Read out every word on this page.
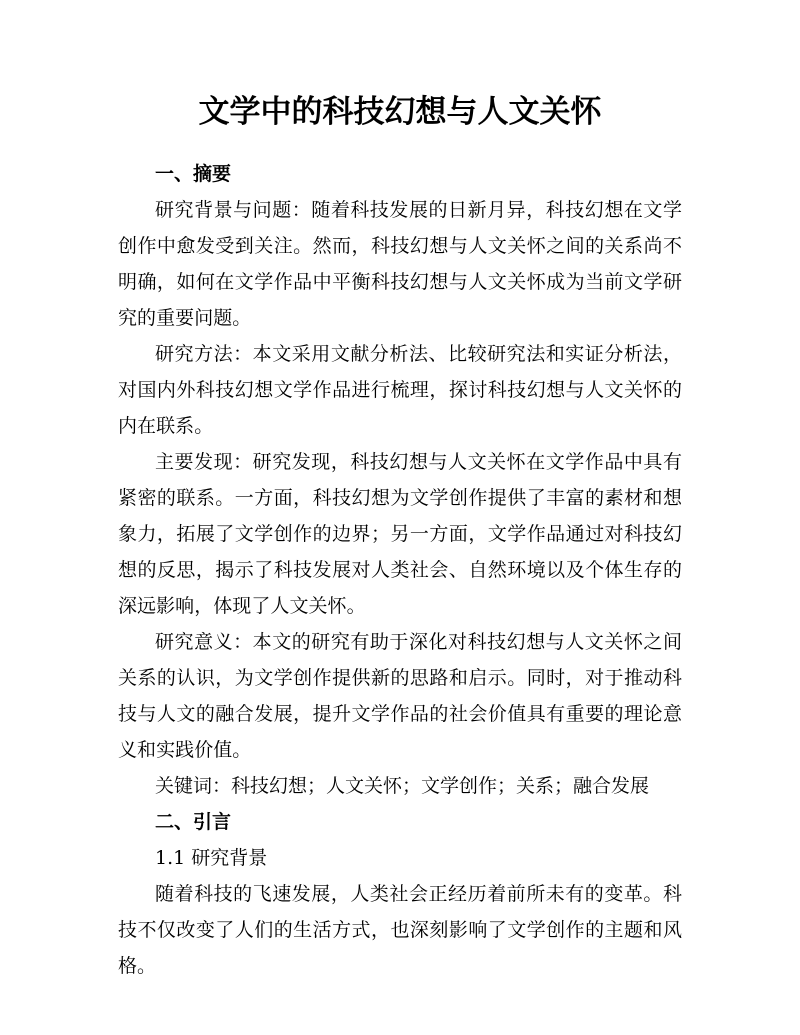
文学中的科技幻想与人文关怀
一、摘要

研究背景与问题：随着科技发展的日新月异，科技幻想在文学创作中愈发受到关注。然而，科技幻想与人文关怀之间的关系尚不明确，如何在文学作品中平衡科技幻想与人文关怀成为当前文学研究的重要问题。

研究方法：本文采用文献分析法、比较研究法和实证分析法，对国内外科技幻想文学作品进行梳理，探讨科技幻想与人文关怀的内在联系。

主要发现：研究发现，科技幻想与人文关怀在文学作品中具有紧密的联系。一方面，科技幻想为文学创作提供了丰富的素材和想象力，拓展了文学创作的边界；另一方面，文学作品通过对科技幻想的反思，揭示了科技发展对人类社会、自然环境以及个体生存的深远影响，体现了人文关怀。

研究意义：本文的研究有助于深化对科技幻想与人文关怀之间关系的认识，为文学创作提供新的思路和启示。同时，对于推动科技与人文的融合发展，提升文学作品的社会价值具有重要的理论意义和实践价值。

关键词：科技幻想；人文关怀；文学创作；关系；融合发展

二、引言

1.1 研究背景

随着科技的飞速发展，人类社会正经历着前所未有的变革。科技不仅改变了人们的生活方式，也深刻影响了文学创作的主题和风格。
